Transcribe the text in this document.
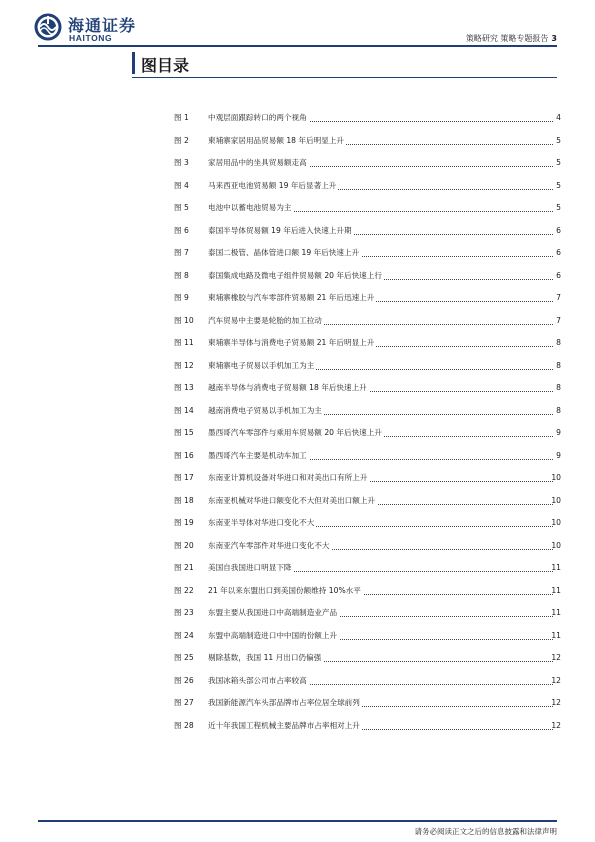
海通证券
HAITONG	策略研究 策略专题报告 3
图目录
图 1	中观层面跟踪转口的两个视角	4
图 2	柬埔寨家居用品贸易额 18 年后明显上升	5
图 3	家居用品中的坐具贸易额走高	5
图 4	马来西亚电池贸易额 19 年后显著上升	5
图 5	电池中以蓄电池贸易为主	5
图 6	泰国半导体贸易额 19 年后进入快速上升期	6
图 7	泰国二极管、晶体管进口额 19 年后快速上升	6
图 8	泰国集成电路及微电子组件贸易额 20 年后快速上行	6
图 9	柬埔寨橡胶与汽车零部件贸易额 21 年后迅速上升	7
图 10	汽车贸易中主要是轮胎的加工拉动	7
图 11	柬埔寨半导体与消费电子贸易额 21 年后明显上升	8
图 12	柬埔寨电子贸易以手机加工为主	8
图 13	越南半导体与消费电子贸易额 18 年后快速上升	8
图 14	越南消费电子贸易以手机加工为主	8
图 15	墨西哥汽车零部件与乘用车贸易额 20 年后快速上升	9
图 16	墨西哥汽车主要是机动车加工	9
图 17	东南亚计算机设备对华进口和对美出口有所上升	10
图 18	东南亚机械对华进口额变化不大但对美出口额上升	10
图 19	东南亚半导体对华进口变化不大	10
图 20	东南亚汽车零部件对华进口变化不大	10
图 21	美国自我国进口明显下降	11
图 22	21 年以来东盟出口到美国份额维持 10%水平	11
图 23	东盟主要从我国进口中高端制造业产品	11
图 24	东盟中高端制造进口中中国的份额上升	11
图 25	剔除基数，我国 11 月出口仍偏强	12
图 26	我国冰箱头部公司市占率较高	12
图 27	我国新能源汽车头部品牌市占率位居全球前列	12
图 28	近十年我国工程机械主要品牌市占率相对上升	12
请务必阅读正文之后的信息披露和法律声明
